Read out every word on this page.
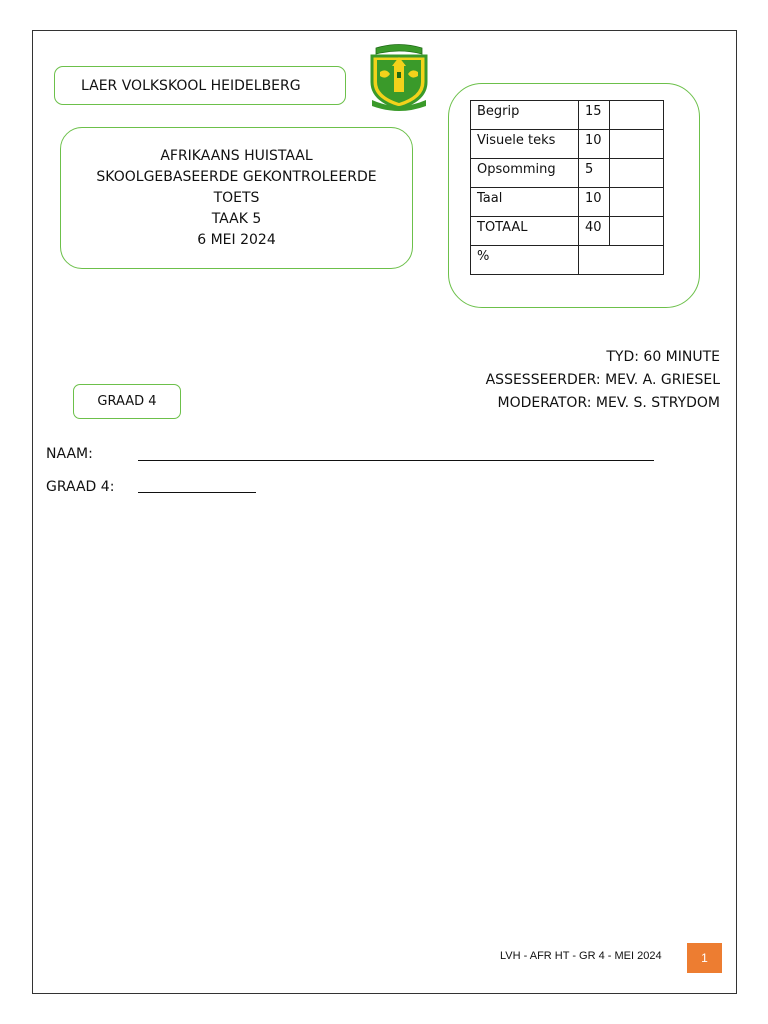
LAER VOLKSKOOL HEIDELBERG
AFRIKAANS HUISTAAL
SKOOLGEBASEERDE GEKONTROLEERDE
TOETS
TAAK 5
6 MEI 2024
Begrip	15	
Visuele teks	10	
Opsomming	5	
Taal	10	
TOTAAL	40	
%		
TYD: 60 MINUTE
ASSESSEERDER: MEV. A. GRIESEL
MODERATOR: MEV. S. STRYDOM
GRAAD 4
NAAM:
GRAAD 4:
LVH - AFR HT - GR 4 - MEI 2024	1
